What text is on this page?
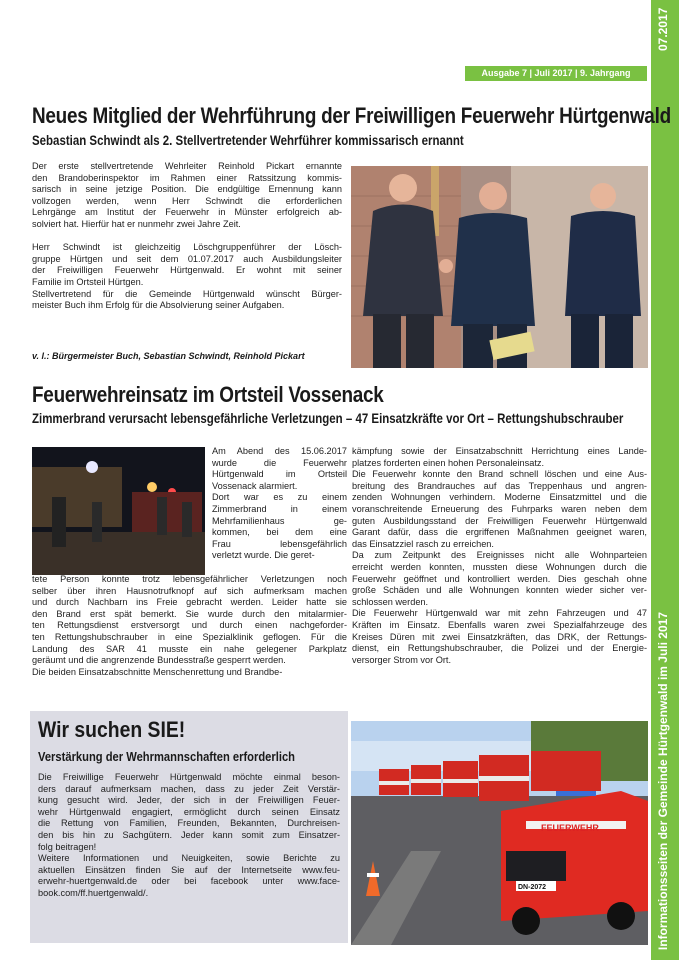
07.2017
Informationsseiten der Gemeinde Hürtgenwald im Juli 2017
Ausgabe 7 | Juli 2017 | 9. Jahrgang
Neues Mitglied der Wehrführung der Freiwilligen Feuerwehr Hürtgenwald
Sebastian Schwindt als 2. Stellvertretender Wehrführer kommissarisch ernannt
Der erste stellvertretende Wehrleiter Reinhold Pickart ernannte
den Brandoberinspektor im Rahmen einer Ratssitzung kommis-
sarisch in seine jetzige Position. Die endgültige Ernennung kann
vollzogen werden, wenn Herr Schwindt die erforderlichen
Lehrgänge am Institut der Feuerwehr in Münster erfolgreich ab-
solviert hat. Hierfür hat er nunmehr zwei Jahre Zeit.

Herr Schwindt ist gleichzeitig Löschgruppenführer der Lösch-
gruppe Hürtgen und seit dem 01.07.2017 auch Ausbildungsleiter
der Freiwilligen Feuerwehr Hürtgenwald. Er wohnt mit seiner
Familie im Ortsteil Hürtgen.
Stellvertretend für die Gemeinde Hürtgenwald wünscht Bürger-
meister Buch ihm Erfolg für die Absolvierung seiner Aufgaben.
v. l.: Bürgermeister Buch, Sebastian Schwindt, Reinhold Pickart
Feuerwehreinsatz im Ortsteil Vossenack
Zimmerbrand verursacht lebensgefährliche Verletzungen – 47 Einsatzkräfte vor Ort – Rettungshubschrauber
Am Abend des 15.06.2017
wurde die Feuerwehr
Hürtgenwald im Ortsteil
Vossenack alarmiert.
Dort war es zu einem
Zimmerbrand in einem
Mehrfamilienhaus ge-
kommen, bei dem eine
Frau lebensgefährlich
verletzt wurde. Die geret-
tete Person konnte trotz lebensgefährlicher Verletzungen noch
selber über ihren Hausnotrufknopf auf sich aufmerksam machen
und durch Nachbarn ins Freie gebracht werden. Leider hatte sie
den Brand erst spät bemerkt. Sie wurde durch den mitalarmier-
ten Rettungsdienst erstversorgt und durch einen nachgeforder-
ten Rettungshubschrauber in eine Spezialklinik geflogen. Für die
Landung des SAR 41 musste ein nahe gelegener Parkplatz
geräumt und die angrenzende Bundesstraße gesperrt werden.
Die beiden Einsatzabschnitte Menschenrettung und Brandbe-
kämpfung sowie der Einsatzabschnitt Herrichtung eines Lande-
platzes forderten einen hohen Personaleinsatz.
Die Feuerwehr konnte den Brand schnell löschen und eine Aus-
breitung des Brandrauches auf das Treppenhaus und angren-
zenden Wohnungen verhindern. Moderne Einsatzmittel und die
voranschreitende Erneuerung des Fuhrparks waren neben dem
guten Ausbildungsstand der Freiwilligen Feuerwehr Hürtgenwald
Garant dafür, dass die ergriffenen Maßnahmen geeignet waren,
das Einsatzziel rasch zu erreichen.
Da zum Zeitpunkt des Ereignisses nicht alle Wohnparteien
erreicht werden konnten, mussten diese Wohnungen durch die
Feuerwehr geöffnet und kontrolliert werden. Dies geschah ohne
große Schäden und alle Wohnungen konnten wieder sicher ver-
schlossen werden.
Die Feuerwehr Hürtgenwald war mit zehn Fahrzeugen und 47
Kräften im Einsatz. Ebenfalls waren zwei Spezialfahrzeuge des
Kreises Düren mit zwei Einsatzkräften, das DRK, der Rettungs-
dienst, ein Rettungshubschrauber, die Polizei und der Energie-
versorger Strom vor Ort.
Wir suchen SIE!
Verstärkung der Wehrmannschaften erforderlich
Die Freiwillige Feuerwehr Hürtgenwald möchte einmal beson-
ders darauf aufmerksam machen, dass zu jeder Zeit Verstär-
kung gesucht wird. Jeder, der sich in der Freiwilligen Feuer-
wehr Hürtgenwald engagiert, ermöglicht durch seinen Einsatz
die Rettung von Familien, Freunden, Bekannten, Durchreisen-
den bis hin zu Sachgütern. Jeder kann somit zum Einsatzer-
folg beitragen!
Weitere Informationen und Neuigkeiten, sowie Berichte zu
aktuellen Einsätzen finden Sie auf der Internetseite www.feu-
erwehr-huertgenwald.de oder bei facebook unter www.face-
book.com/ff.huertgenwald/.
FEUERWEHR
DN-2072
